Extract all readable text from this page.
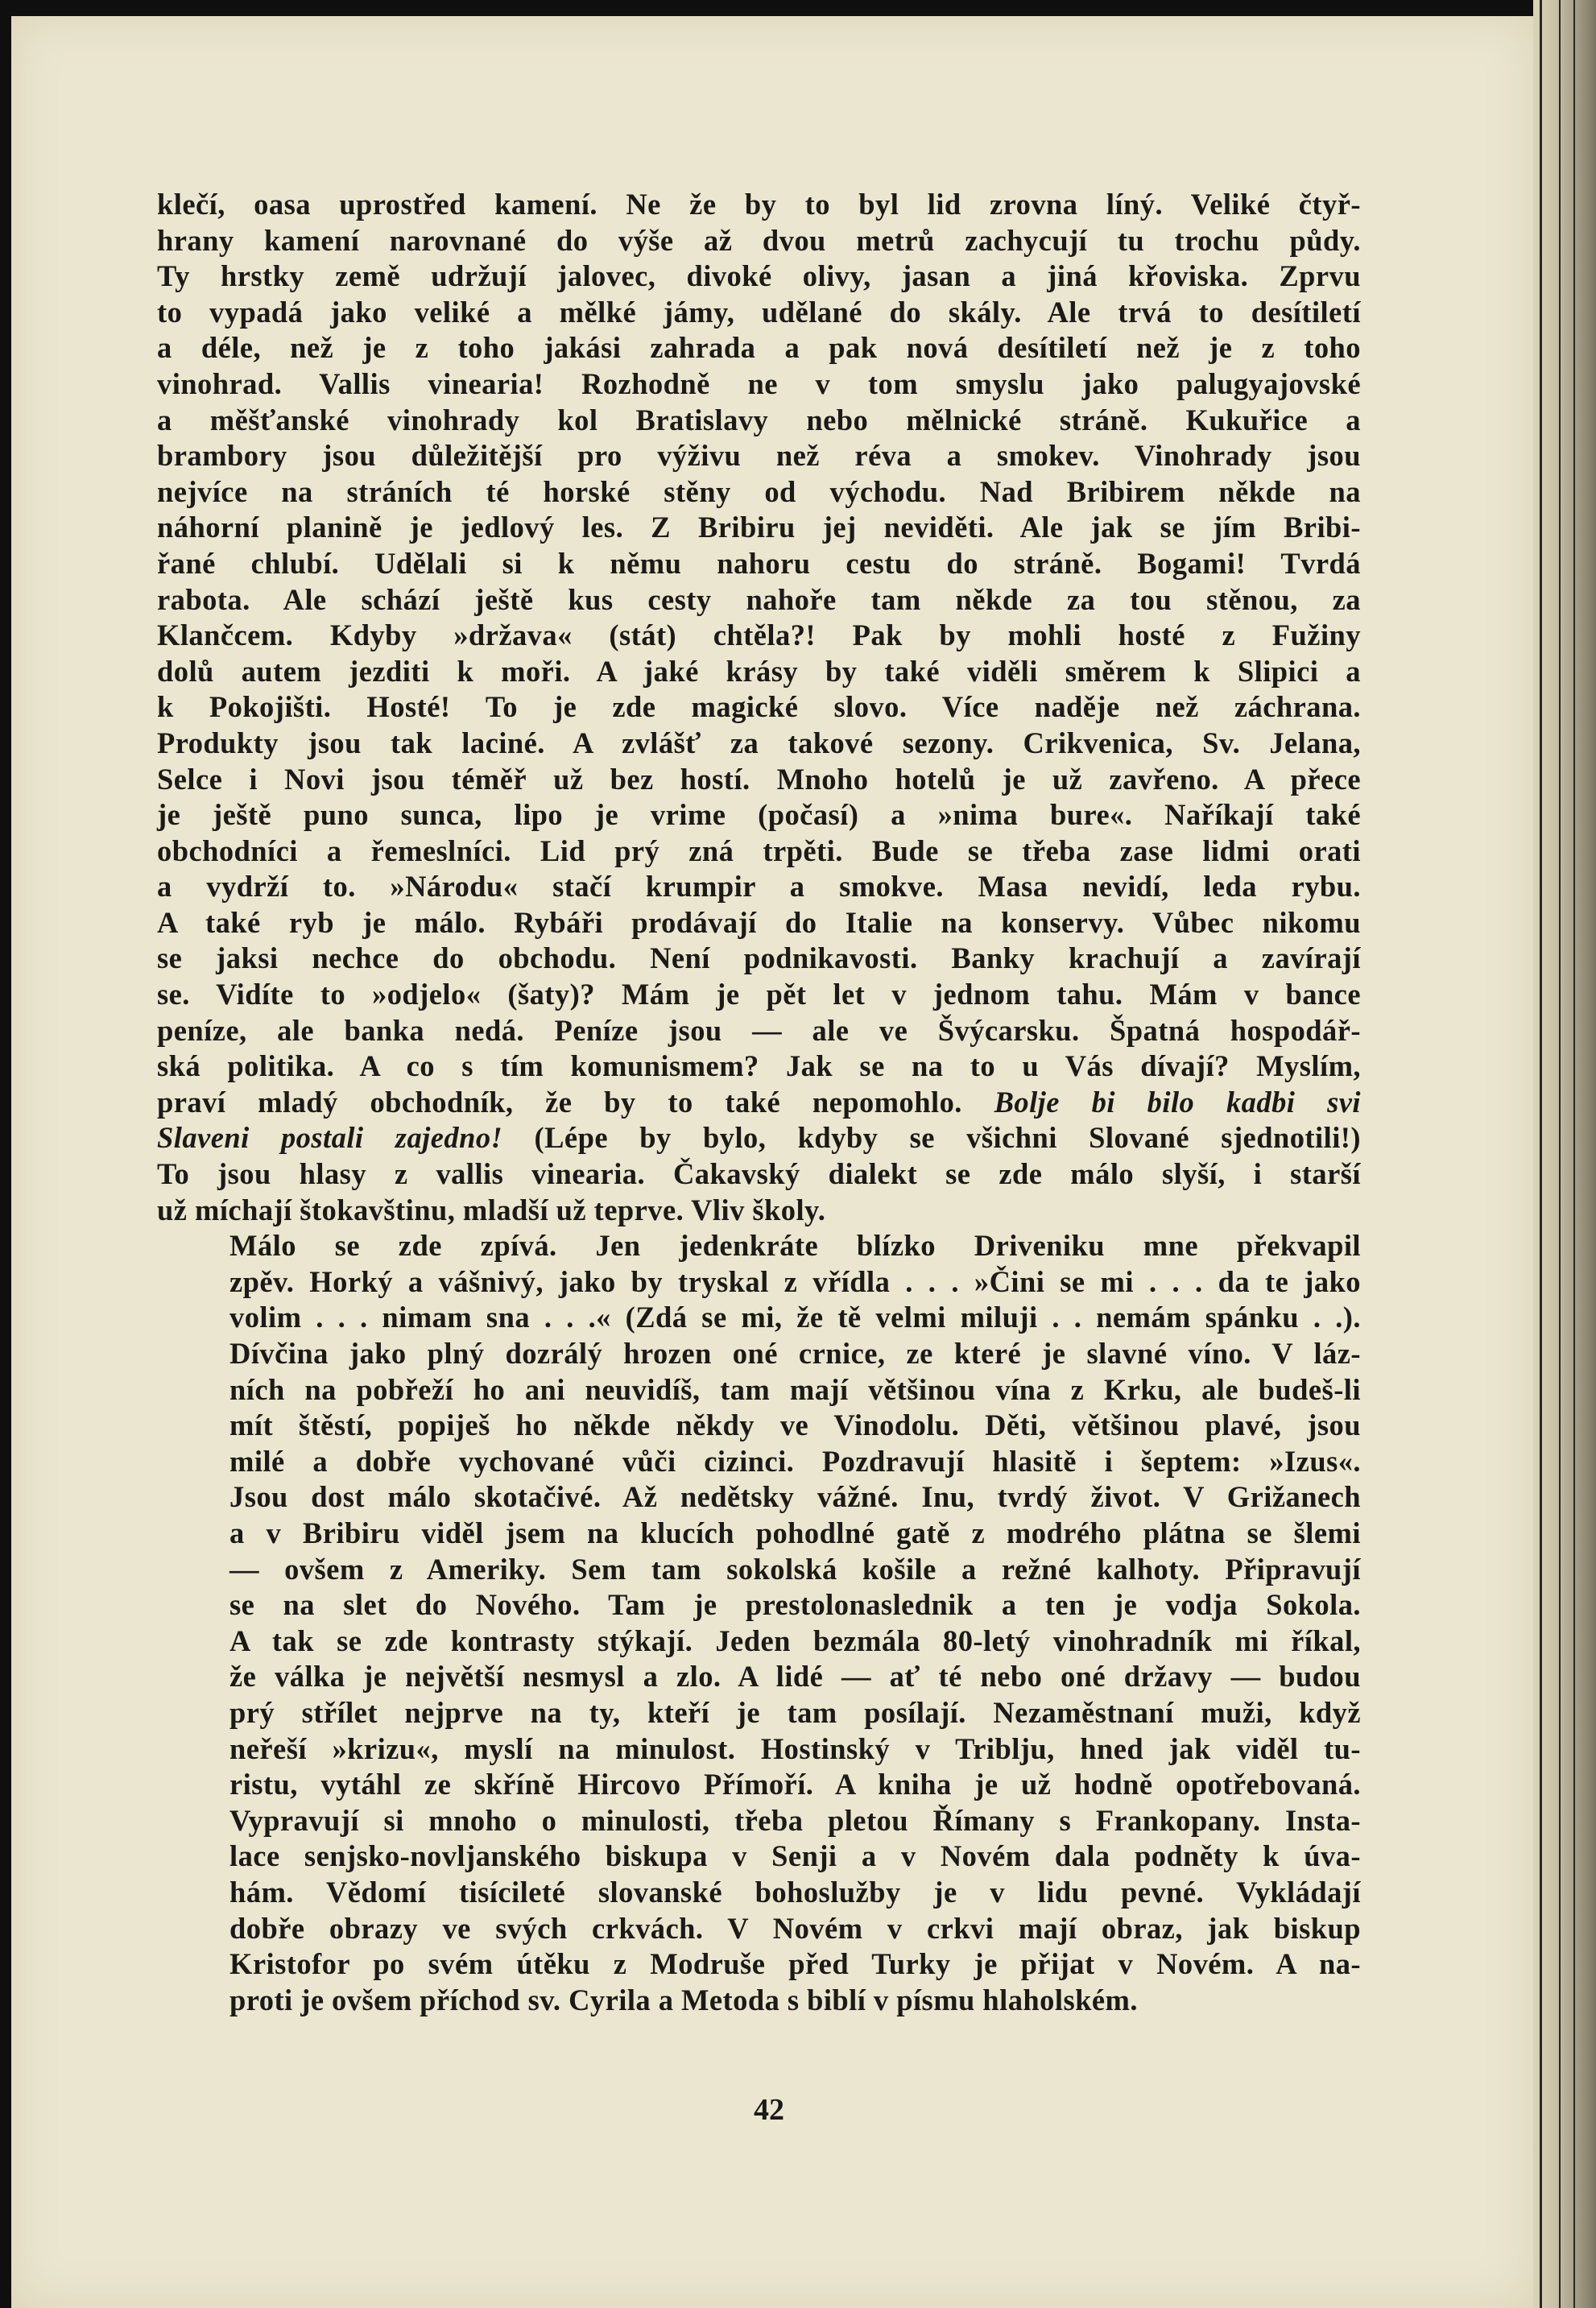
klečí, oasa uprostřed kamení. Ne že by to byl lid zrovna líný. Veliké čtyř-
hrany kamení narovnané do výše až dvou metrů zachycují tu trochu půdy.
Ty hrstky země udržují jalovec, divoké olivy, jasan a jiná křoviska. Zprvu
to vypadá jako veliké a mělké jámy, udělané do skály. Ale trvá to desítiletí
a déle, než je z toho jakási zahrada a pak nová desítiletí než je z toho
vinohrad. Vallis vinearia! Rozhodně ne v tom smyslu jako palugyajovské
a měšťanské vinohrady kol Bratislavy nebo mělnické stráně. Kukuřice a
brambory jsou důležitější pro výživu než réva a smokev. Vinohrady jsou
nejvíce na stráních té horské stěny od východu. Nad Bribirem někde na
náhorní planině je jedlový les. Z Bribiru jej neviděti. Ale jak se jím Bribi-
řané chlubí. Udělali si k němu nahoru cestu do stráně. Bogami! Tvrdá
rabota. Ale schází ještě kus cesty nahoře tam někde za tou stěnou, za
Klančcem. Kdyby »država« (stát) chtěla?! Pak by mohli hosté z Fužiny
dolů autem jezditi k moři. A jaké krásy by také viděli směrem k Slipici a
k Pokojišti. Hosté! To je zde magické slovo. Více naděje než záchrana.
Produkty jsou tak laciné. A zvlášť za takové sezony. Crikvenica, Sv. Jelana,
Selce i Novi jsou téměř už bez hostí. Mnoho hotelů je už zavřeno. A přece
je ještě puno sunca, lipo je vrime (počasí) a »nima bure«. Naříkají také
obchodníci a řemeslníci. Lid prý zná trpěti. Bude se třeba zase lidmi orati
a vydrží to. »Národu« stačí krumpir a smokve. Masa nevidí, leda rybu.
A také ryb je málo. Rybáři prodávají do Italie na konservy. Vůbec nikomu
se jaksi nechce do obchodu. Není podnikavosti. Banky krachují a zavírají
se. Vidíte to »odjelo« (šaty)? Mám je pět let v jednom tahu. Mám v bance
peníze, ale banka nedá. Peníze jsou — ale ve Švýcarsku. Špatná hospodář-
ská politika. A co s tím komunismem? Jak se na to u Vás dívají? Myslím,
praví mladý obchodník, že by to také nepomohlo. Bolje bi bilo kadbi svi
Slaveni postali zajedno! (Lépe by bylo, kdyby se všichni Slované sjednotili!)
To jsou hlasy z vallis vinearia. Čakavský dialekt se zde málo slyší, i starší
už míchají štokavštinu, mladší už teprve. Vliv školy.
Málo se zde zpívá. Jen jedenkráte blízko Driveniku mne překvapil
zpěv. Horký a vášnivý, jako by tryskal z vřídla . . . »Čini se mi . . . da te jako
volim . . . nimam sna . . .« (Zdá se mi, že tě velmi miluji . . nemám spánku . .).
Dívčina jako plný dozrálý hrozen oné crnice, ze které je slavné víno. V láz-
ních na pobřeží ho ani neuvidíš, tam mají většinou vína z Krku, ale budeš-li
mít štěstí, popiješ ho někde někdy ve Vinodolu. Děti, většinou plavé, jsou
milé a dobře vychované vůči cizinci. Pozdravují hlasitě i šeptem: »Izus«.
Jsou dost málo skotačivé. Až nedětsky vážné. Inu, tvrdý život. V Grižanech
a v Bribiru viděl jsem na klucích pohodlné gatě z modrého plátna se šlemi
— ovšem z Ameriky. Sem tam sokolská košile a režné kalhoty. Připravují
se na slet do Nového. Tam je prestolonaslednik a ten je vodja Sokola.
A tak se zde kontrasty stýkají. Jeden bezmála 80-letý vinohradník mi říkal,
že válka je největší nesmysl a zlo. A lidé — ať té nebo oné državy — budou
prý střílet nejprve na ty, kteří je tam posílají. Nezaměstnaní muži, když
neřeší »krizu«, myslí na minulost. Hostinský v Triblju, hned jak viděl tu-
ristu, vytáhl ze skříně Hircovo Přímoří. A kniha je už hodně opotřebovaná.
Vypravují si mnoho o minulosti, třeba pletou Římany s Frankopany. Insta-
lace senjsko-novljanského biskupa v Senji a v Novém dala podněty k úva-
hám. Vědomí tisícileté slovanské bohoslužby je v lidu pevné. Vykládají
dobře obrazy ve svých crkvách. V Novém v crkvi mají obraz, jak biskup
Kristofor po svém útěku z Modruše před Turky je přijat v Novém. A na-
proti je ovšem příchod sv. Cyrila a Metoda s biblí v písmu hlaholském.
42
